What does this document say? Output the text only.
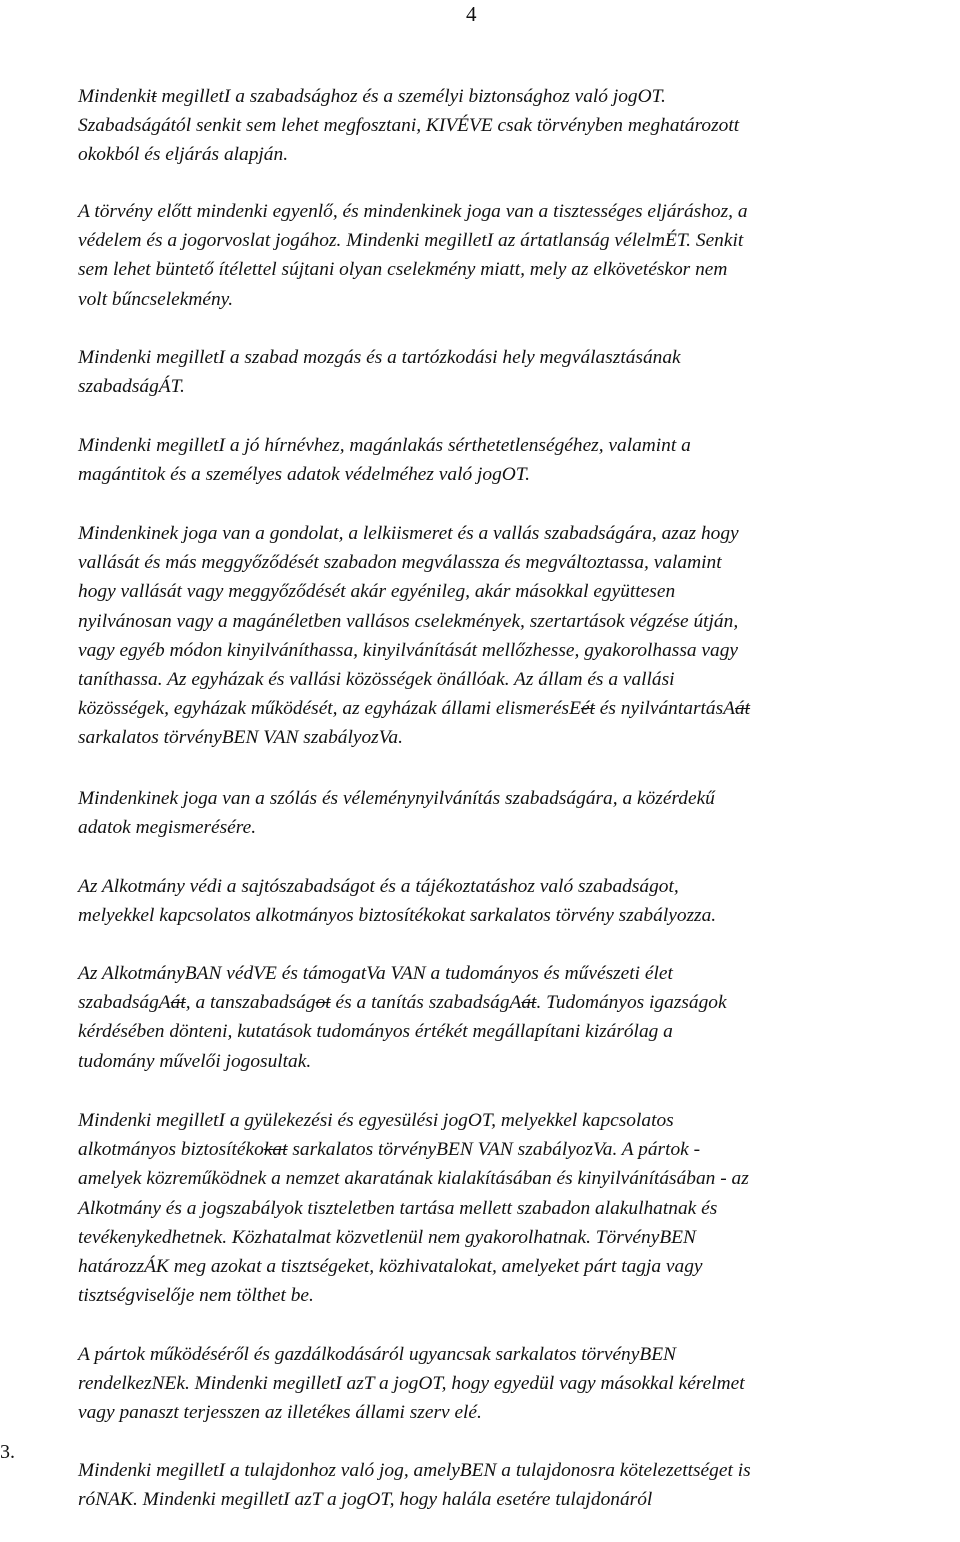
4
3.
Mindenkit megilletI a szabadsághoz és a személyi biztonsághoz való jogOT.
Szabadságától senkit sem lehet megfosztani, KIVÉVE csak törvényben meghatározott
okokból és eljárás alapján.
A törvény előtt mindenki egyenlő, és mindenkinek joga van a tisztességes eljáráshoz, a
védelem és a jogorvoslat jogához. Mindenki megilletI az ártatlanság vélelmÉT. Senkit
sem lehet büntető ítélettel sújtani olyan cselekmény miatt, mely az elkövetéskor nem
volt bűncselekmény.
Mindenki megilletI a szabad mozgás és a tartózkodási hely megválasztásának
szabadságÁT.
Mindenki megilletI a jó hírnévhez, magánlakás sérthetetlenségéhez, valamint a
magántitok és a személyes adatok védelméhez való jogOT.
Mindenkinek joga van a gondolat, a lelkiismeret és a vallás szabadságára, azaz hogy
vallását és más meggyőződését szabadon megválassza és megváltoztassa, valamint
hogy vallását vagy meggyőződését akár egyénileg, akár másokkal együttesen
nyilvánosan vagy a magánéletben vallásos cselekmények, szertartások végzése útján,
vagy egyéb módon kinyilváníthassa, kinyilvánítását mellőzhesse, gyakorolhassa vagy
taníthassa. Az egyházak és vallási közösségek önállóak. Az állam és a vallási
közösségek, egyházak működését, az egyházak állami elismerésEét és nyilvántartásAát
sarkalatos törvényBEN VAN szabályozVa.
Mindenkinek joga van a szólás és véleménynyilvánítás szabadságára, a közérdekű
adatok megismerésére.
Az Alkotmány védi a sajtószabadságot és a tájékoztatáshoz való szabadságot,
melyekkel kapcsolatos alkotmányos biztosítékokat sarkalatos törvény szabályozza.
Az AlkotmányBAN védVE és támogatVa VAN a tudományos és művészeti élet
szabadságAát, a tanszabadságot és a tanítás szabadságAát. Tudományos igazságok
kérdésében dönteni, kutatások tudományos értékét megállapítani kizárólag a
tudomány művelői jogosultak.
Mindenki megilletI a gyülekezési és egyesülési jogOT, melyekkel kapcsolatos
alkotmányos biztosítékokat sarkalatos törvényBEN VAN szabályozVa. A pártok -
amelyek közreműködnek a nemzet akaratának kialakításában és kinyilvánításában - az
Alkotmány és a jogszabályok tiszteletben tartása mellett szabadon alakulhatnak és
tevékenykedhetnek. Közhatalmat közvetlenül nem gyakorolhatnak. TörvényBEN
határozzÁK meg azokat a tisztségeket, közhivatalokat, amelyeket párt tagja vagy
tisztségviselője nem tölthet be.
A pártok működéséről és gazdálkodásáról ugyancsak sarkalatos törvényBEN
rendelkezNEk. Mindenki megilletI azT a jogOT, hogy egyedül vagy másokkal kérelmet
vagy panaszt terjesszen az illetékes állami szerv elé.
Mindenki megilletI a tulajdonhoz való jog, amelyBEN a tulajdonosra kötelezettséget is
róNAK. Mindenki megilletI azT a jogOT, hogy halála esetére tulajdonáról
